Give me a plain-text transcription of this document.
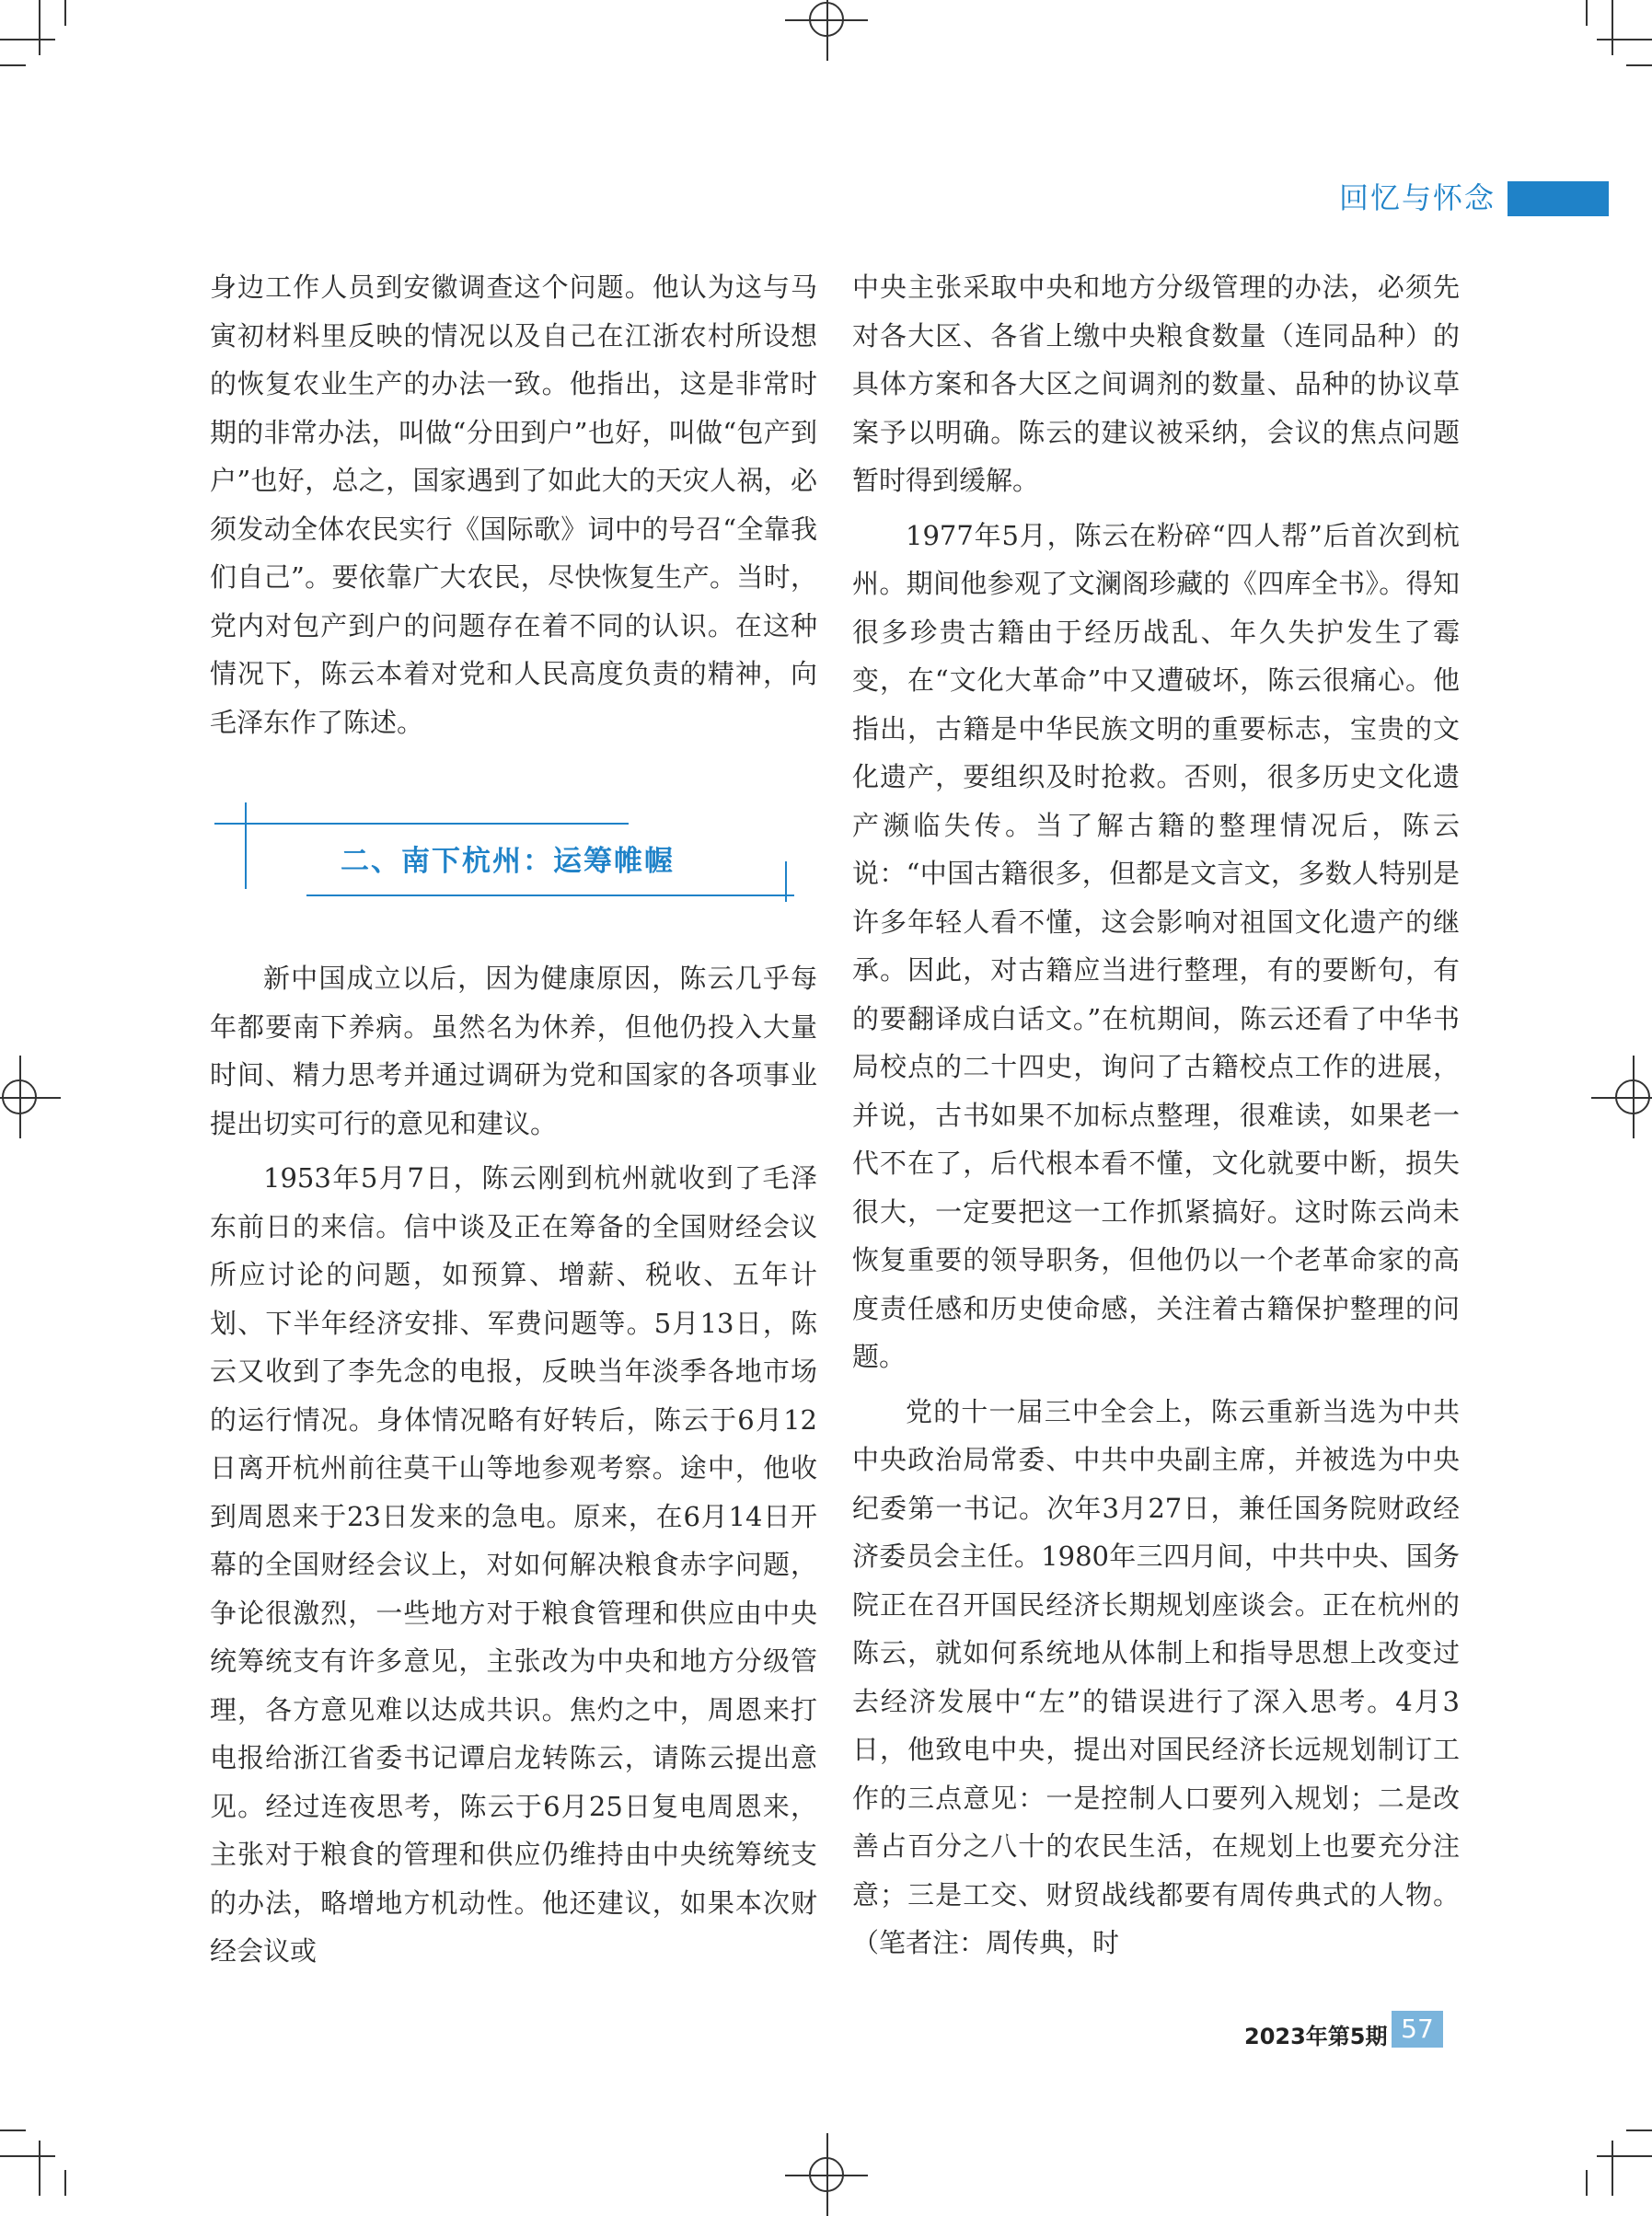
回忆与怀念

身边工作人员到安徽调查这个问题。他认为这与马寅初材料里反映的情况以及自己在江浙农村所设想的恢复农业生产的办法一致。他指出，这是非常时期的非常办法，叫做“分田到户”也好，叫做“包产到户”也好，总之，国家遇到了如此大的天灾人祸，必须发动全体农民实行《国际歌》词中的号召“全靠我们自己”。要依靠广大农民，尽快恢复生产。当时，党内对包产到户的问题存在着不同的认识。在这种情况下，陈云本着对党和人民高度负责的精神，向毛泽东作了陈述。

新中国成立以后，因为健康原因，陈云几乎每年都要南下养病。虽然名为休养，但他仍投入大量时间、精力思考并通过调研为党和国家的各项事业提出切实可行的意见和建议。

1953年5月7日，陈云刚到杭州就收到了毛泽东前日的来信。信中谈及正在筹备的全国财经会议所应讨论的问题，如预算、增薪、税收、五年计划、下半年经济安排、军费问题等。5月13日，陈云又收到了李先念的电报，反映当年淡季各地市场的运行情况。身体情况略有好转后，陈云于6月12日离开杭州前往莫干山等地参观考察。途中，他收到周恩来于23日发来的急电。原来，在6月14日开幕的全国财经会议上，对如何解决粮食赤字问题，争论很激烈，一些地方对于粮食管理和供应由中央统筹统支有许多意见，主张改为中央和地方分级管理，各方意见难以达成共识。焦灼之中，周恩来打电报给浙江省委书记谭启龙转陈云，请陈云提出意见。经过连夜思考，陈云于6月25日复电周恩来，主张对于粮食的管理和供应仍维持由中央统筹统支的办法，略增地方机动性。他还建议，如果本次财经会议或

二、南下杭州：运筹帷幄

中央主张采取中央和地方分级管理的办法，必须先对各大区、各省上缴中央粮食数量（连同品种）的具体方案和各大区之间调剂的数量、品种的协议草案予以明确。陈云的建议被采纳，会议的焦点问题暂时得到缓解。

1977年5月，陈云在粉碎“四人帮”后首次到杭州。期间他参观了文澜阁珍藏的《四库全书》。得知很多珍贵古籍由于经历战乱、年久失护发生了霉变，在“文化大革命”中又遭破坏，陈云很痛心。他指出，古籍是中华民族文明的重要标志，宝贵的文化遗产，要组织及时抢救。否则，很多历史文化遗产濒临失传。当了解古籍的整理情况后，陈云说：“中国古籍很多，但都是文言文，多数人特别是许多年轻人看不懂，这会影响对祖国文化遗产的继承。因此，对古籍应当进行整理，有的要断句，有的要翻译成白话文。”在杭期间，陈云还看了中华书局校点的二十四史，询问了古籍校点工作的进展，并说，古书如果不加标点整理，很难读，如果老一代不在了，后代根本看不懂，文化就要中断，损失很大，一定要把这一工作抓紧搞好。这时陈云尚未恢复重要的领导职务，但他仍以一个老革命家的高度责任感和历史使命感，关注着古籍保护整理的问题。

党的十一届三中全会上，陈云重新当选为中共中央政治局常委、中共中央副主席，并被选为中央纪委第一书记。次年3月27日，兼任国务院财政经济委员会主任。1980年三四月间，中共中央、国务院正在召开国民经济长期规划座谈会。正在杭州的陈云，就如何系统地从体制上和指导思想上改变过去经济发展中“左”的错误进行了深入思考。4月3日，他致电中央，提出对国民经济长远规划制订工作的三点意见：一是控制人口要列入规划；二是改善占百分之八十的农民生活，在规划上也要充分注意；三是工交、财贸战线都要有周传典式的人物。（笔者注：周传典，时

2023年第5期 57
